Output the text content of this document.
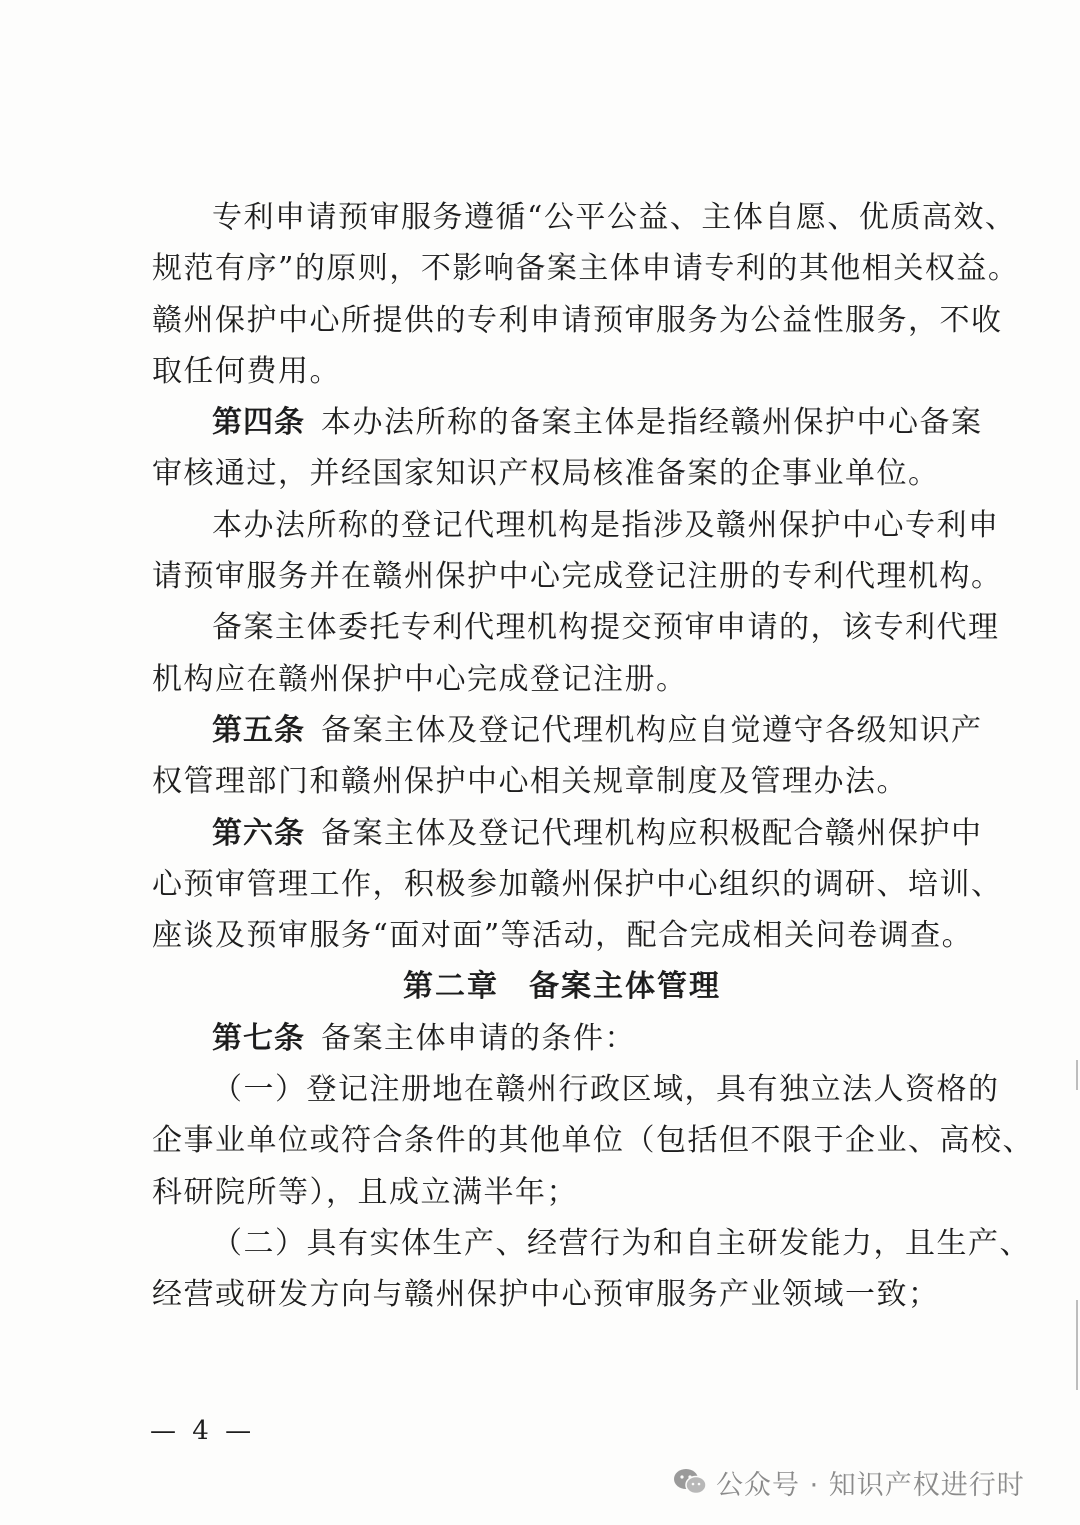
专利申请预审服务遵循“公平公益、主体自愿、优质高效、
规范有序”的原则，不影响备案主体申请专利的其他相关权益。
赣州保护中心所提供的专利申请预审服务为公益性服务，不收
取任何费用。
第四条 本办法所称的备案主体是指经赣州保护中心备案
审核通过，并经国家知识产权局核准备案的企事业单位。
本办法所称的登记代理机构是指涉及赣州保护中心专利申
请预审服务并在赣州保护中心完成登记注册的专利代理机构。
备案主体委托专利代理机构提交预审申请的，该专利代理
机构应在赣州保护中心完成登记注册。
第五条 备案主体及登记代理机构应自觉遵守各级知识产
权管理部门和赣州保护中心相关规章制度及管理办法。
第六条 备案主体及登记代理机构应积极配合赣州保护中
心预审管理工作，积极参加赣州保护中心组织的调研、培训、
座谈及预审服务“面对面”等活动，配合完成相关问卷调查。
第二章 备案主体管理
第七条 备案主体申请的条件：
（一）登记注册地在赣州行政区域，具有独立法人资格的
企事业单位或符合条件的其他单位（包括但不限于企业、高校、
科研院所等），且成立满半年；
（二）具有实体生产、经营行为和自主研发能力，且生产、
经营或研发方向与赣州保护中心预审服务产业领域一致；
— 4 —
公众号 · 知识产权进行时
